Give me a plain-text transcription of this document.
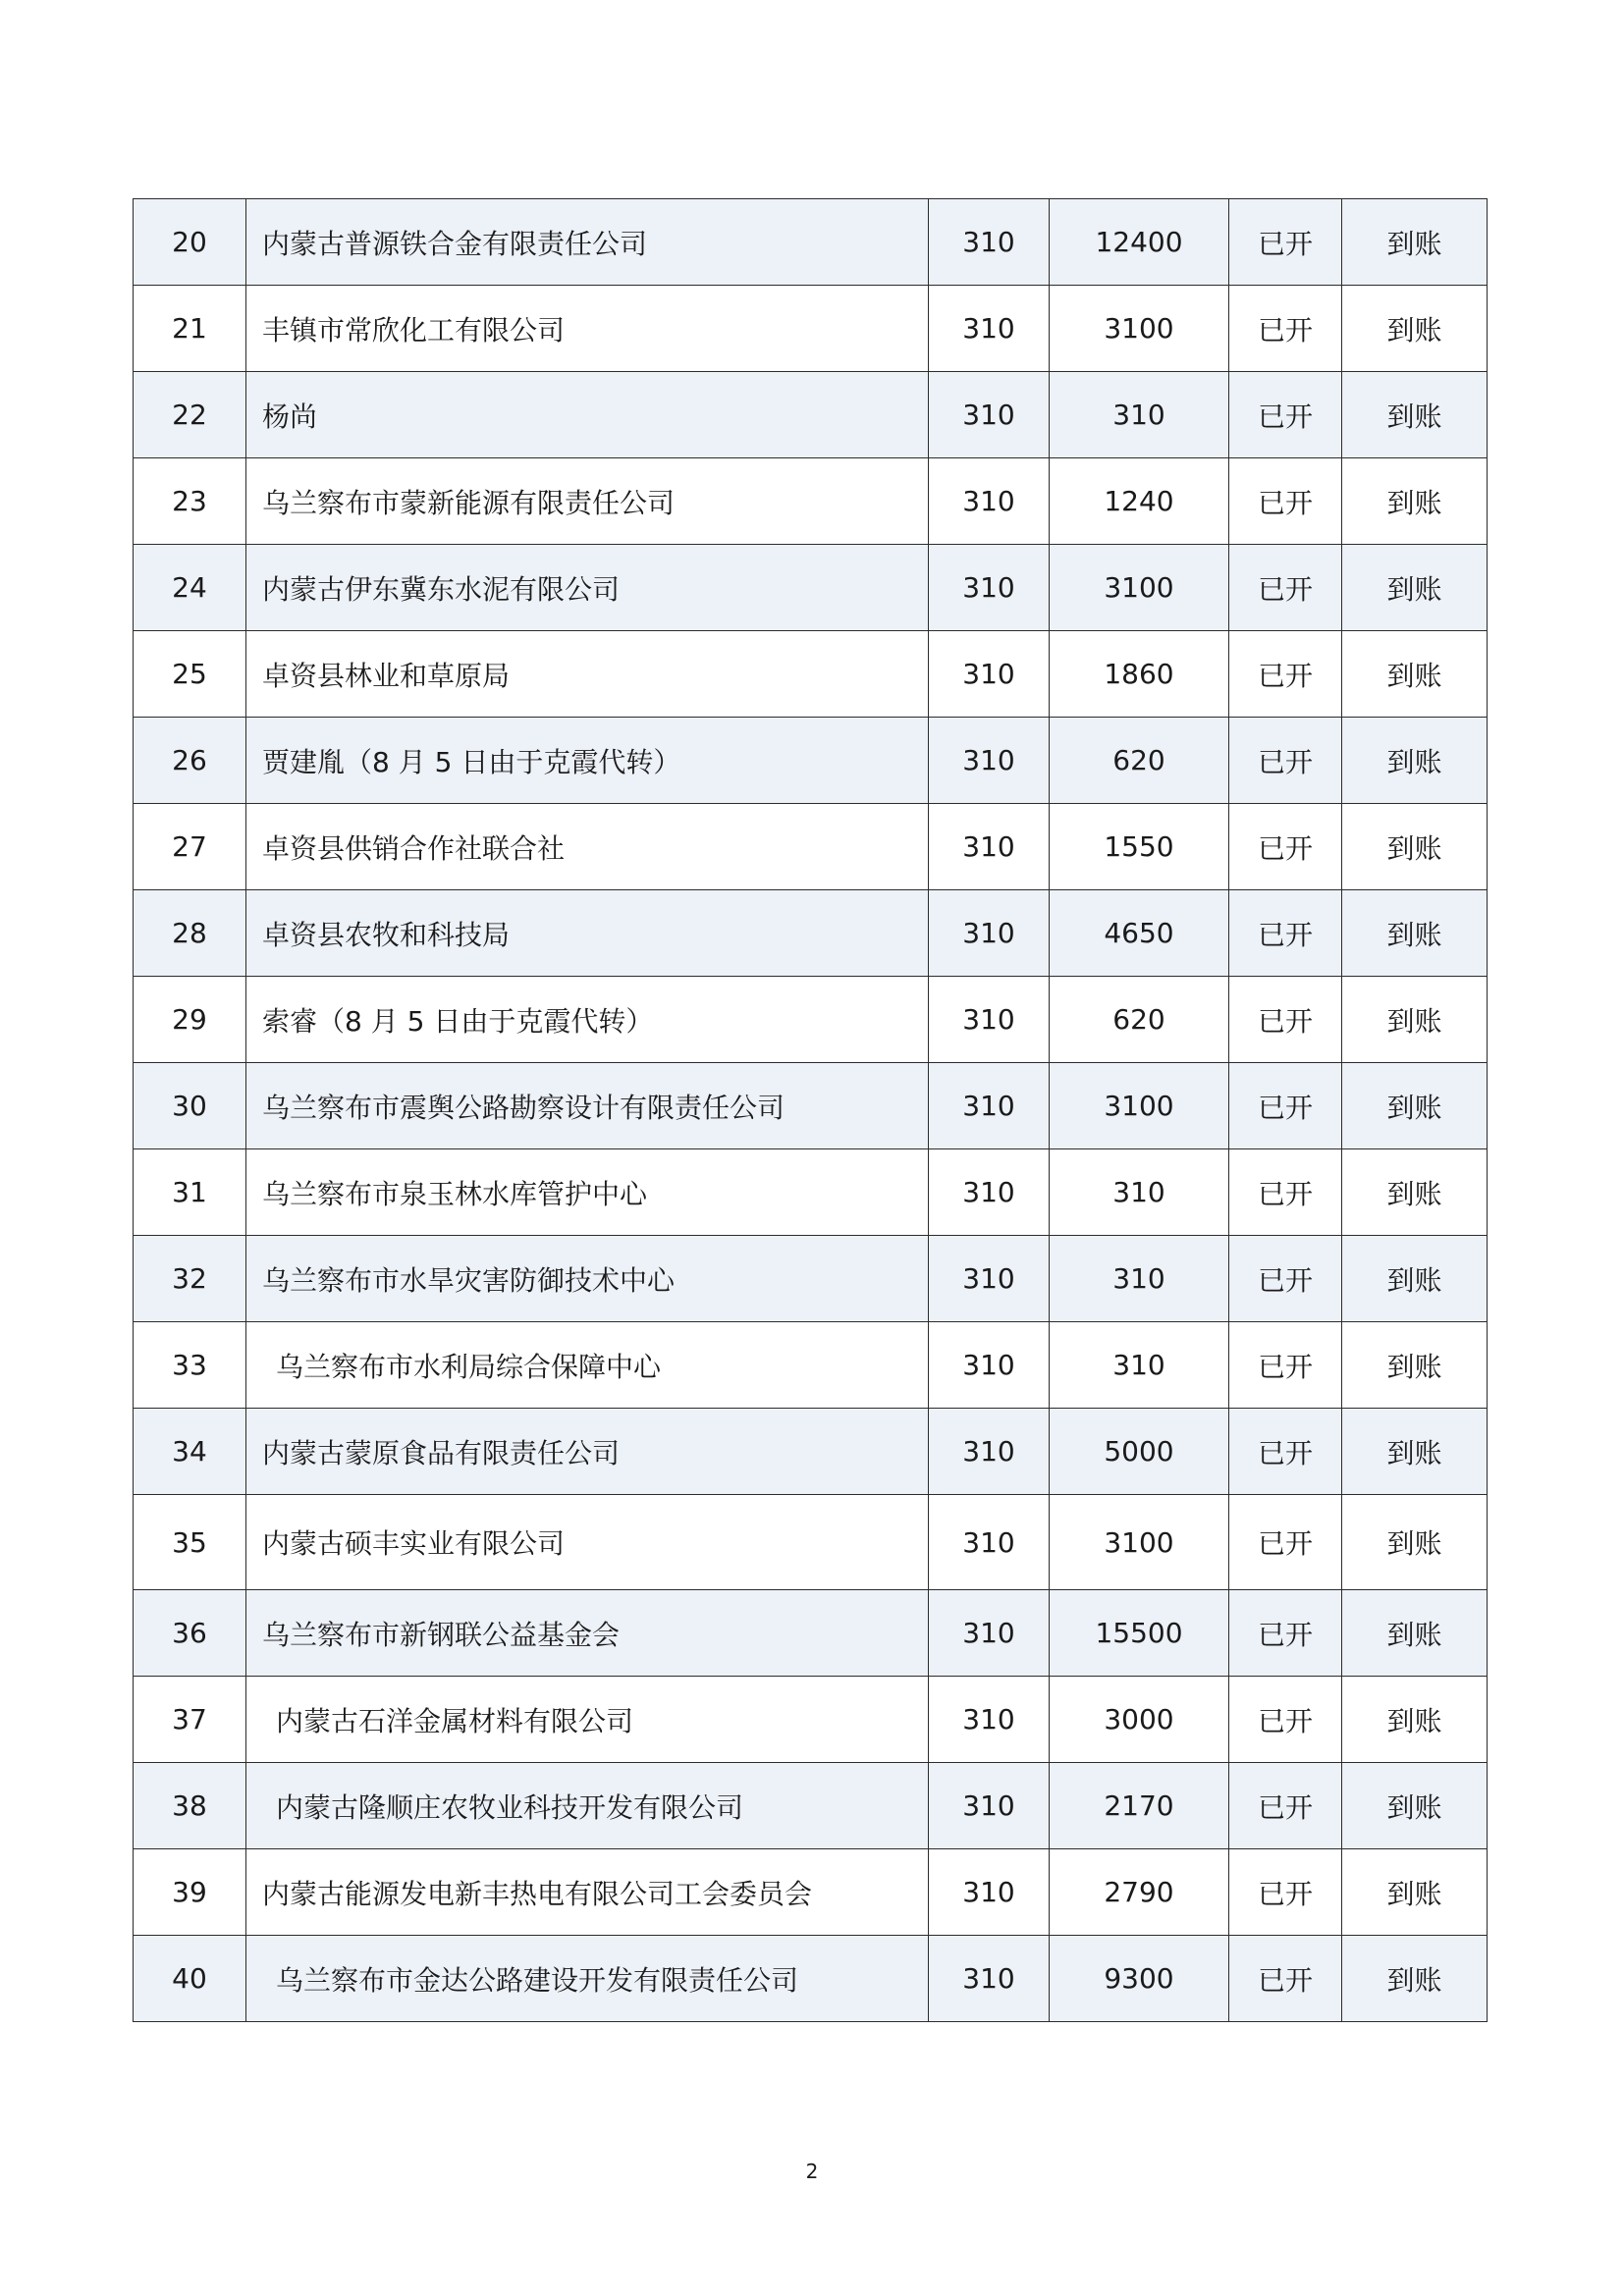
20	内蒙古普源铁合金有限责任公司	310	12400	已开	到账
21	丰镇市常欣化工有限公司	310	3100	已开	到账
22	杨尚	310	310	已开	到账
23	乌兰察布市蒙新能源有限责任公司	310	1240	已开	到账
24	内蒙古伊东冀东水泥有限公司	310	3100	已开	到账
25	卓资县林业和草原局	310	1860	已开	到账
26	贾建胤（8 月 5 日由于克霞代转）	310	620	已开	到账
27	卓资县供销合作社联合社	310	1550	已开	到账
28	卓资县农牧和科技局	310	4650	已开	到账
29	索睿（8 月 5 日由于克霞代转）	310	620	已开	到账
30	乌兰察布市震舆公路勘察设计有限责任公司	310	3100	已开	到账
31	乌兰察布市泉玉林水库管护中心	310	310	已开	到账
32	乌兰察布市水旱灾害防御技术中心	310	310	已开	到账
33	乌兰察布市水利局综合保障中心	310	310	已开	到账
34	内蒙古蒙原食品有限责任公司	310	5000	已开	到账
35	内蒙古硕丰实业有限公司	310	3100	已开	到账
36	乌兰察布市新钢联公益基金会	310	15500	已开	到账
37	内蒙古石洋金属材料有限公司	310	3000	已开	到账
38	内蒙古隆顺庄农牧业科技开发有限公司	310	2170	已开	到账
39	内蒙古能源发电新丰热电有限公司工会委员会	310	2790	已开	到账
40	乌兰察布市金达公路建设开发有限责任公司	310	9300	已开	到账
2
